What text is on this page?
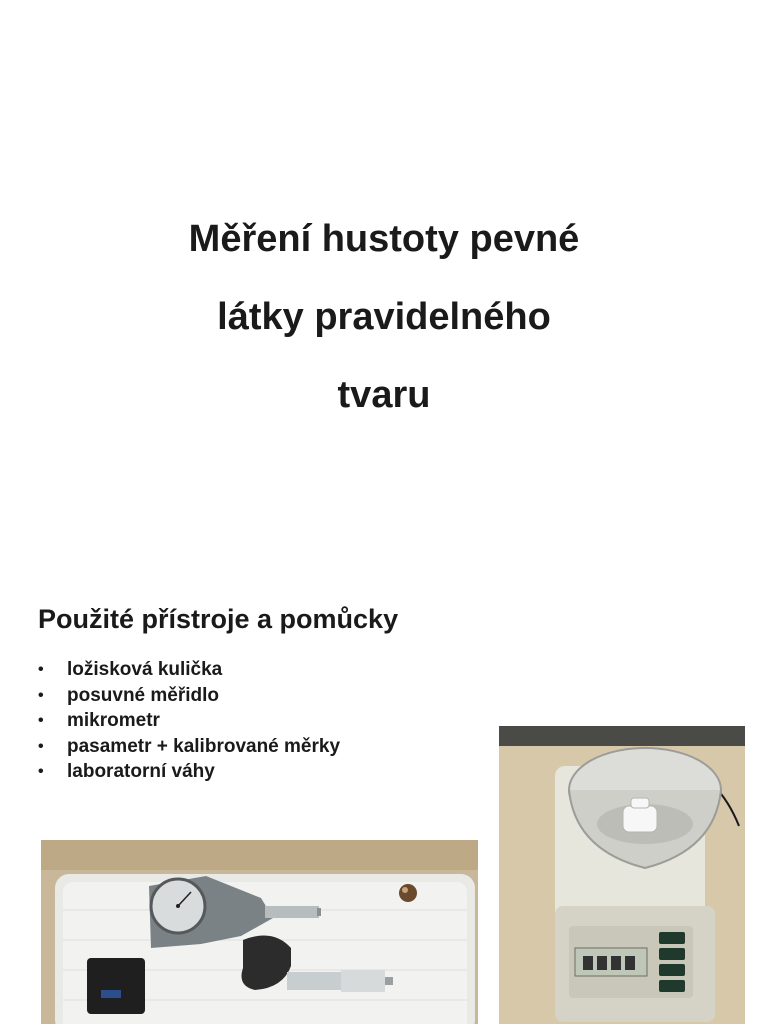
Měření hustoty pevné
látky pravidelného
tvaru
Použité přístroje a pomůcky
• ložisková kulička
• posuvné měřidlo
• mikrometr
• pasametr + kalibrované měrky
• laboratorní váhy
